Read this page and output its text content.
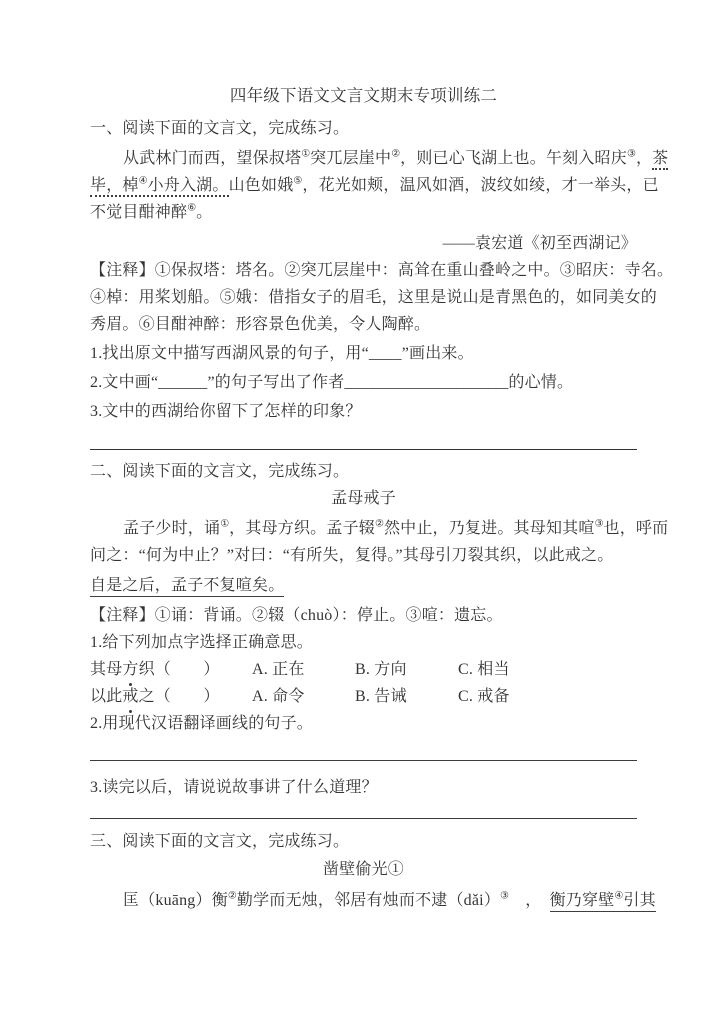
四年级下语文文言文期末专项训练二
一、阅读下面的文言文，完成练习。
从武林门而西，望保叔塔①突兀层崖中②，则已心飞湖上也。午刻入昭庆③，茶
毕，棹④小舟入湖。山色如娥⑤，花光如颊，温风如酒，波纹如绫，才一举头，已
不觉目酣神醉⑥。
——袁宏道《初至西湖记》
【注释】①保叔塔：塔名。②突兀层崖中：高耸在重山叠岭之中。③昭庆：寺名。
④棹：用桨划船。⑤娥：借指女子的眉毛，这里是说山是青黑色的，如同美女的
秀眉。⑥目酣神醉：形容景色优美，令人陶醉。
1.找出原文中描写西湖风景的句子，用“____”画出来。
2.文中画“______”的句子写出了作者____________________的心情。
3.文中的西湖给你留下了怎样的印象？
二、阅读下面的文言文，完成练习。
孟母戒子
孟子少时，诵①，其母方织。孟子辍②然中止，乃复进。其母知其喧③也，呼而
问之：“何为中止？”对曰：“有所失，复得。”其母引刀裂其织，以此戒之。
自是之后，孟子不复喧矣。
【注释】①诵：背诵。②辍（chuò）：停止。③喧：遗忘。
1.给下列加点字选择正确意思。
其母方织（　　）	A. 正在	B. 方向	C. 相当
以此戒之（　　）	A. 命令	B. 告诫	C. 戒备
2.用现代汉语翻译画线的句子。
3.读完以后，请说说故事讲了什么道理？
三、阅读下面的文言文，完成练习。
凿壁偷光①
匡（kuāng）衡②勤学而无烛，邻居有烛而不逮（dǎi）③　，　衡乃穿壁④引其
